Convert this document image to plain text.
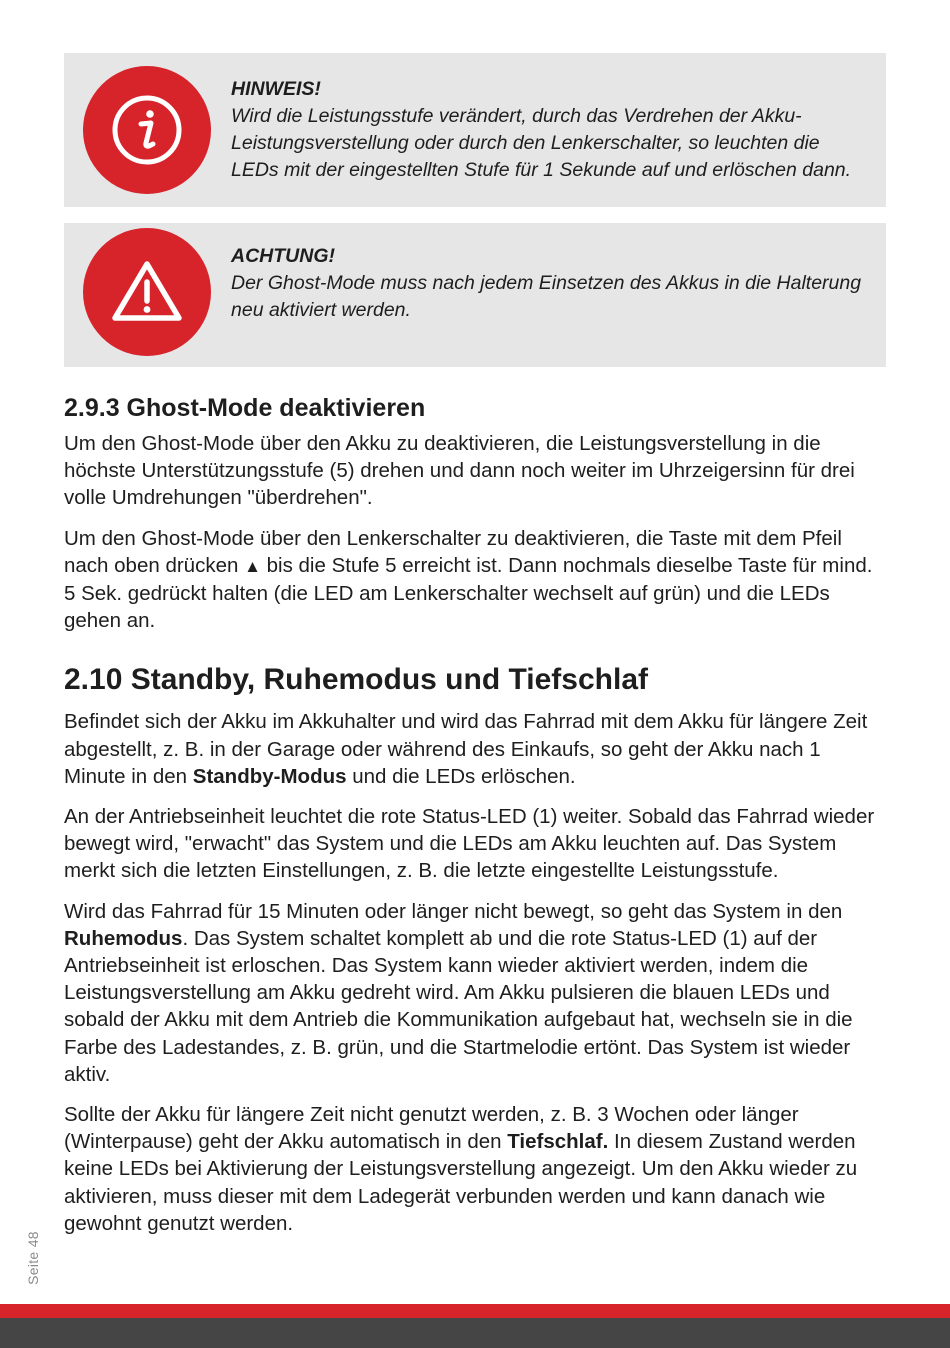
HINWEIS!
Wird die Leistungsstufe verändert, durch das Verdrehen der Akku-Leistungsverstellung oder durch den Lenkerschalter, so leuchten die LEDs mit der eingestellten Stufe für 1 Sekunde auf und erlöschen dann.
ACHTUNG!
Der Ghost-Mode muss nach jedem Einsetzen des Akkus in die Halterung neu aktiviert werden.
2.9.3 Ghost-Mode deaktivieren

Um den Ghost-Mode über den Akku zu deaktivieren, die Leistungsverstellung in die höchste Unterstützungsstufe (5) drehen und dann noch weiter im Uhrzeigersinn für drei volle Umdrehungen "überdrehen".

Um den Ghost-Mode über den Lenkerschalter zu deaktivieren, die Taste mit dem Pfeil nach oben drücken ▲ bis die Stufe 5 erreicht ist. Dann nochmals dieselbe Taste für mind. 5 Sek. gedrückt halten (die LED am Lenkerschalter wechselt auf grün) und die LEDs gehen an.

2.10 Standby, Ruhemodus und Tiefschlaf

Befindet sich der Akku im Akkuhalter und wird das Fahrrad mit dem Akku für längere Zeit abgestellt, z. B. in der Garage oder während des Einkaufs, so geht der Akku nach 1 Minute in den Standby-Modus und die LEDs erlöschen.

An der Antriebseinheit leuchtet die rote Status-LED (1) weiter. Sobald das Fahrrad wieder bewegt wird, "erwacht" das System und die LEDs am Akku leuchten auf. Das System merkt sich die letzten Einstellungen, z. B. die letzte eingestellte Leistungsstufe.

Wird das Fahrrad für 15 Minuten oder länger nicht bewegt, so geht das System in den Ruhemodus. Das System schaltet komplett ab und die rote Status-LED (1) auf der Antriebseinheit ist erloschen. Das System kann wieder aktiviert werden, indem die Leistungsverstellung am Akku gedreht wird. Am Akku pulsieren die blauen LEDs und sobald der Akku mit dem Antrieb die Kommunikation aufgebaut hat, wechseln sie in die Farbe des Ladestandes, z. B. grün, und die Startmelodie ertönt. Das System ist wieder aktiv.

Sollte der Akku für längere Zeit nicht genutzt werden, z. B. 3 Wochen oder länger (Winterpause) geht der Akku automatisch in den Tiefschlaf. In diesem Zustand werden keine LEDs bei Aktivierung der Leistungsverstellung angezeigt. Um den Akku wieder zu aktivieren, muss dieser mit dem Ladegerät verbunden werden und kann danach wie gewohnt genutzt werden.

Seite 48
